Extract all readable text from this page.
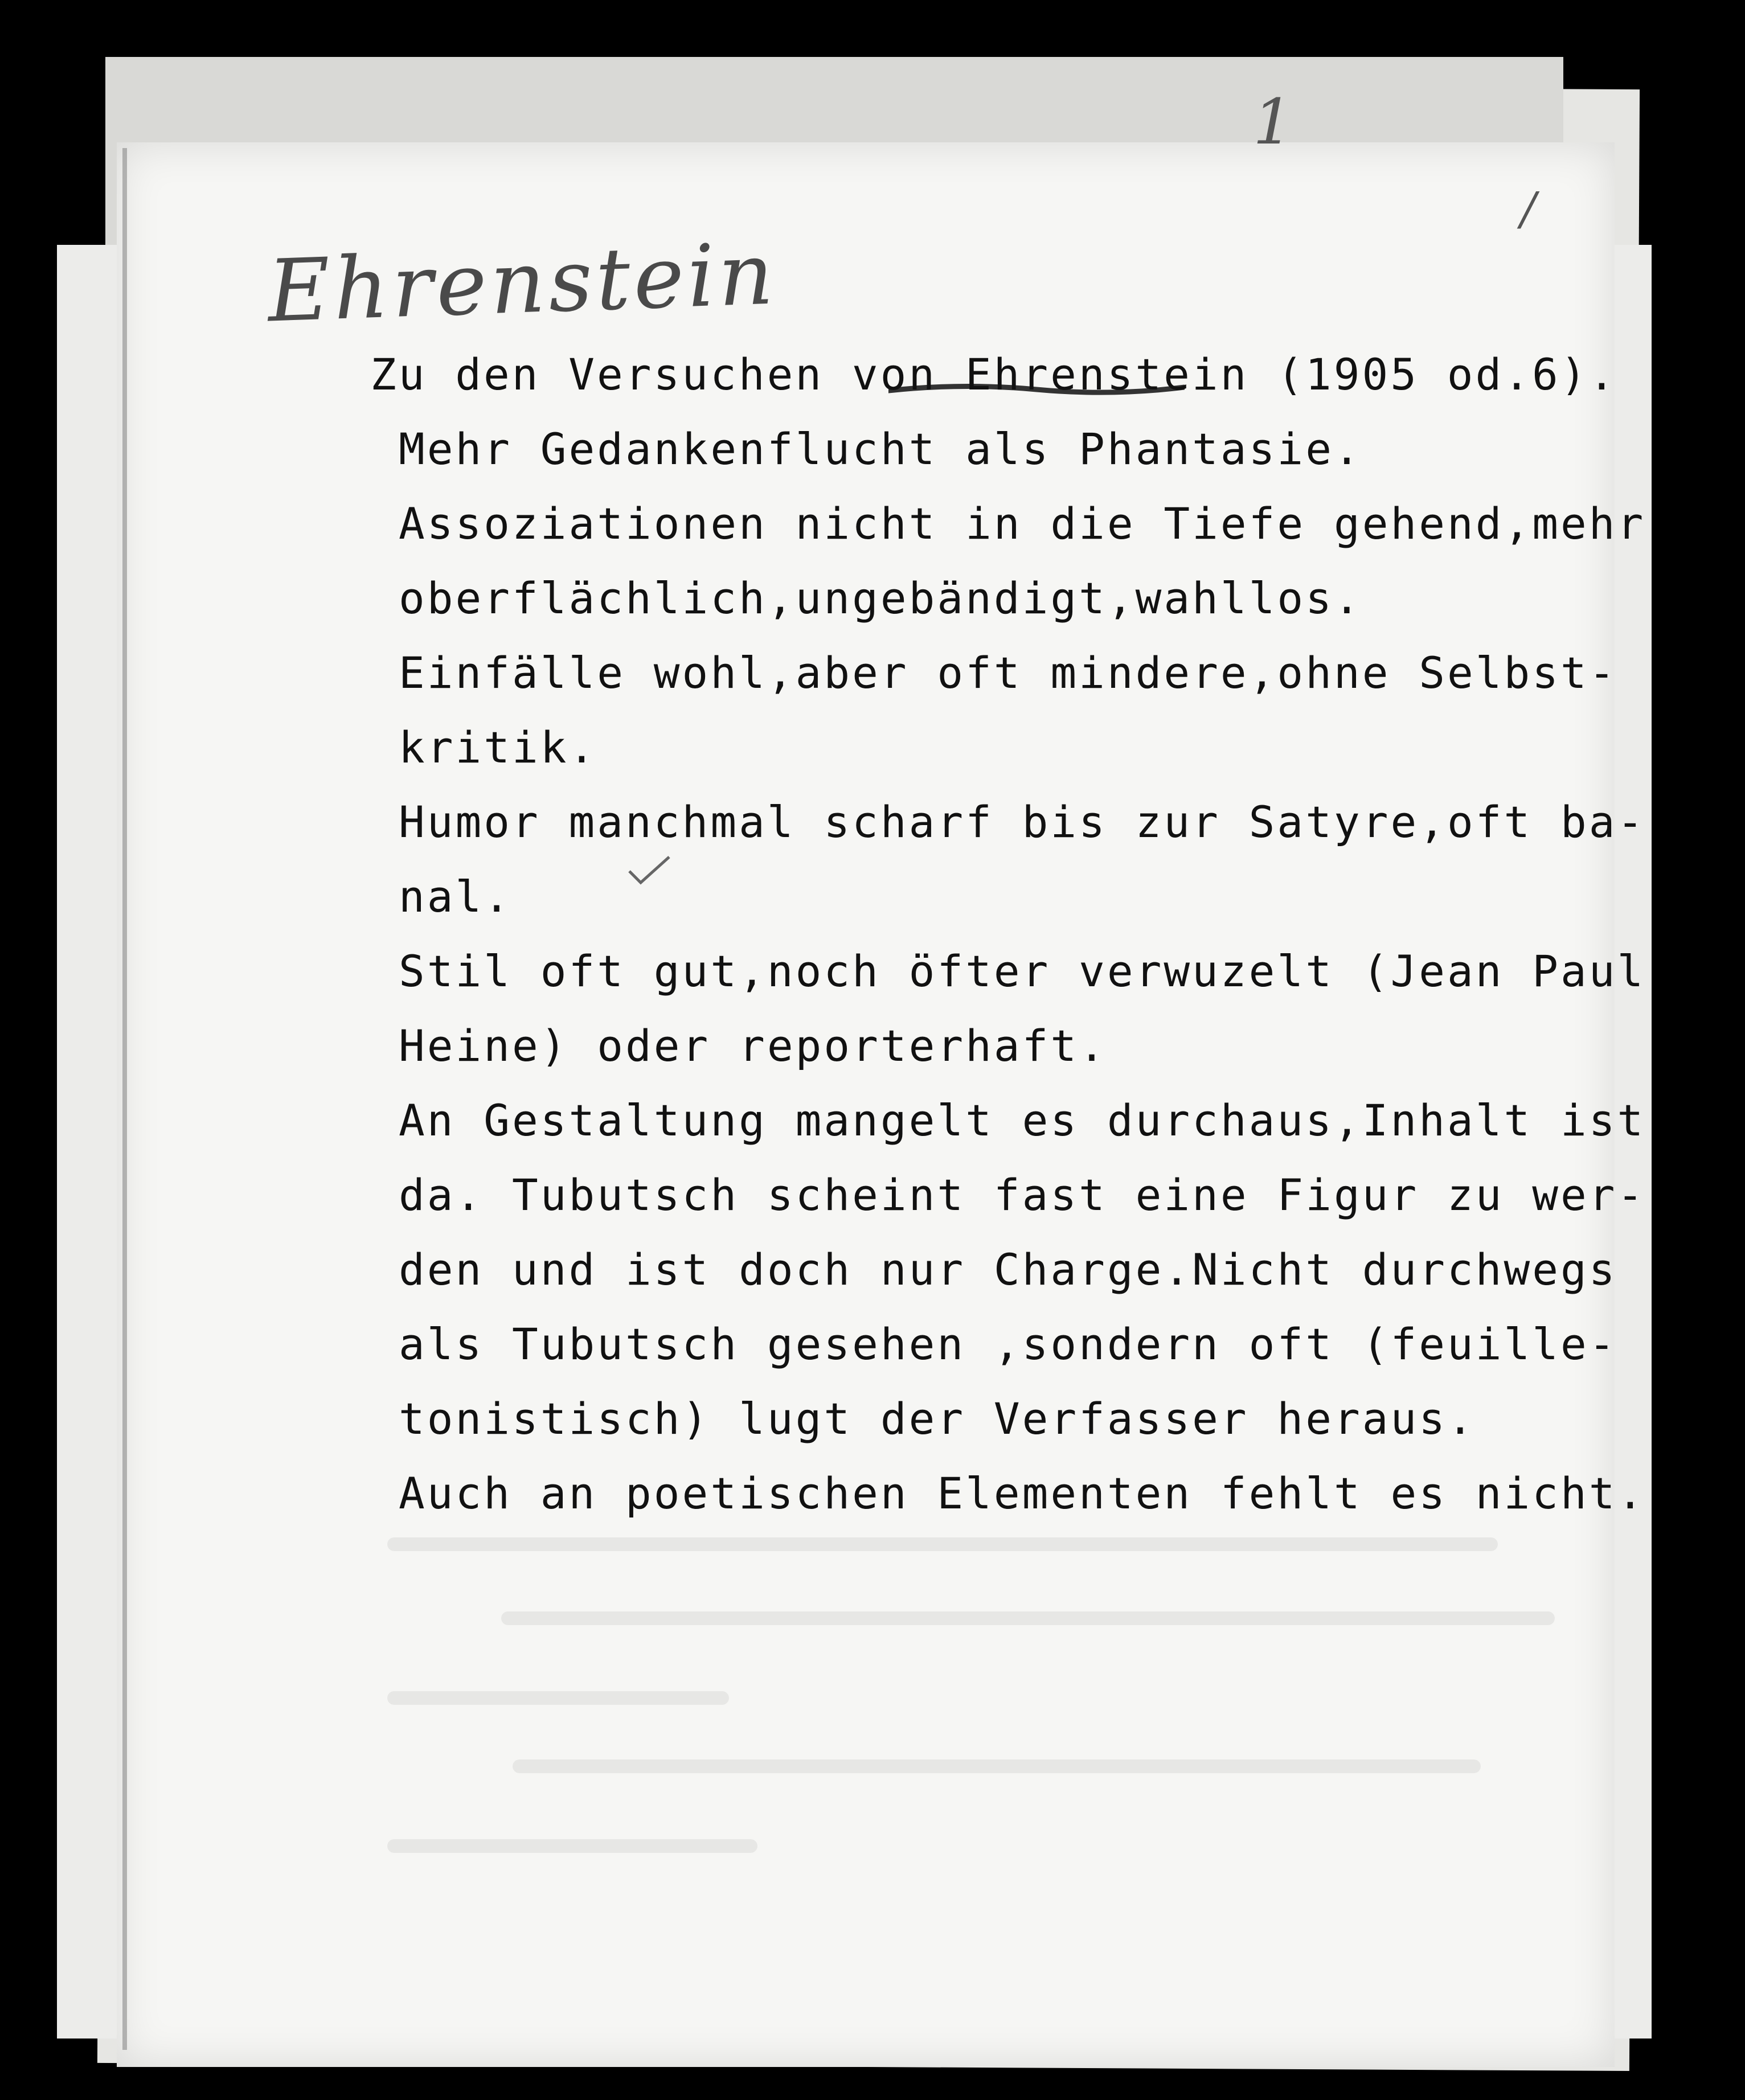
Ehrenstein
1
/
Zu den Versuchen von Ehrenstein (1905 od.6).
Mehr Gedankenflucht als Phantasie.
Assoziationen nicht in die Tiefe gehend,mehr
oberflächlich,ungebändigt,wahllos.
Einfälle wohl,aber oft mindere,ohne Selbst-
kritik.
Humor manchmal scharf bis zur Satyre,oft ba-
nal.
Stil oft gut,noch öfter verwuzelt (Jean Paul
Heine) oder reporterhaft.
An Gestaltung mangelt es durchaus,Inhalt ist
da. Tubutsch scheint fast eine Figur zu wer-
den und ist doch nur Charge.Nicht durchwegs
als Tubutsch gesehen ,sondern oft (feuille-
tonistisch) lugt der Verfasser heraus.
Auch an poetischen Elementen fehlt es nicht.
